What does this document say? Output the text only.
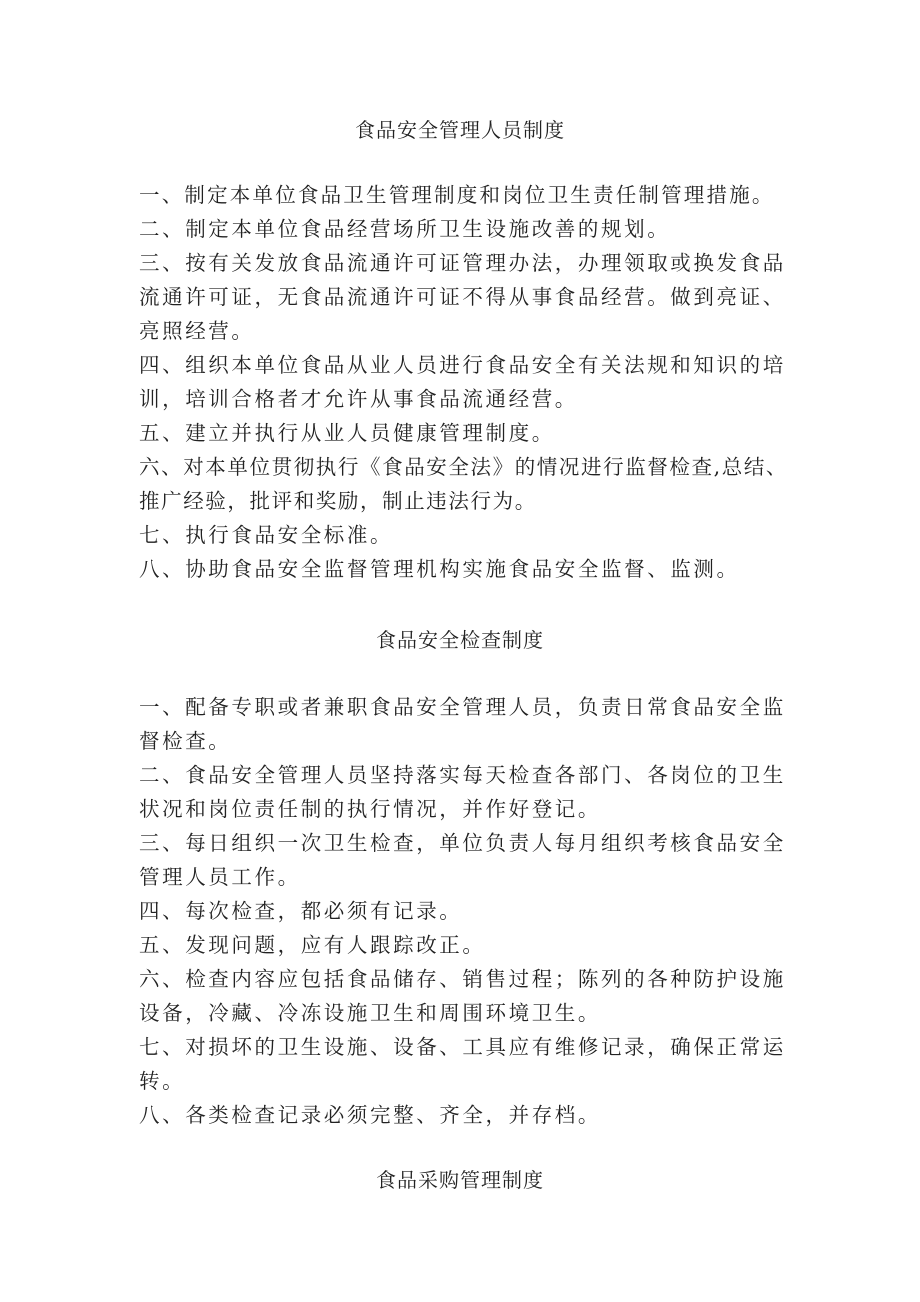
食品安全管理人员制度
一、制定本单位食品卫生管理制度和岗位卫生责任制管理措施。
二、制定本单位食品经营场所卫生设施改善的规划。
三、按有关发放食品流通许可证管理办法，办理领取或换发食品流通许可证，无食品流通许可证不得从事食品经营。做到亮证、亮照经营。
四、组织本单位食品从业人员进行食品安全有关法规和知识的培训，培训合格者才允许从事食品流通经营。
五、建立并执行从业人员健康管理制度。
六、对本单位贯彻执行《食品安全法》的情况进行监督检查,总结、推广经验，批评和奖励，制止违法行为。
七、执行食品安全标准。
八、协助食品安全监督管理机构实施食品安全监督、监测。
食品安全检查制度
一、配备专职或者兼职食品安全管理人员，负责日常食品安全监督检查。
二、食品安全管理人员坚持落实每天检查各部门、各岗位的卫生状况和岗位责任制的执行情况，并作好登记。
三、每日组织一次卫生检查，单位负责人每月组织考核食品安全管理人员工作。
四、每次检查，都必须有记录。
五、发现问题，应有人跟踪改正。
六、检查内容应包括食品储存、销售过程；陈列的各种防护设施设备，冷藏、冷冻设施卫生和周围环境卫生。
七、对损坏的卫生设施、设备、工具应有维修记录，确保正常运转。
八、各类检查记录必须完整、齐全，并存档。
食品采购管理制度
